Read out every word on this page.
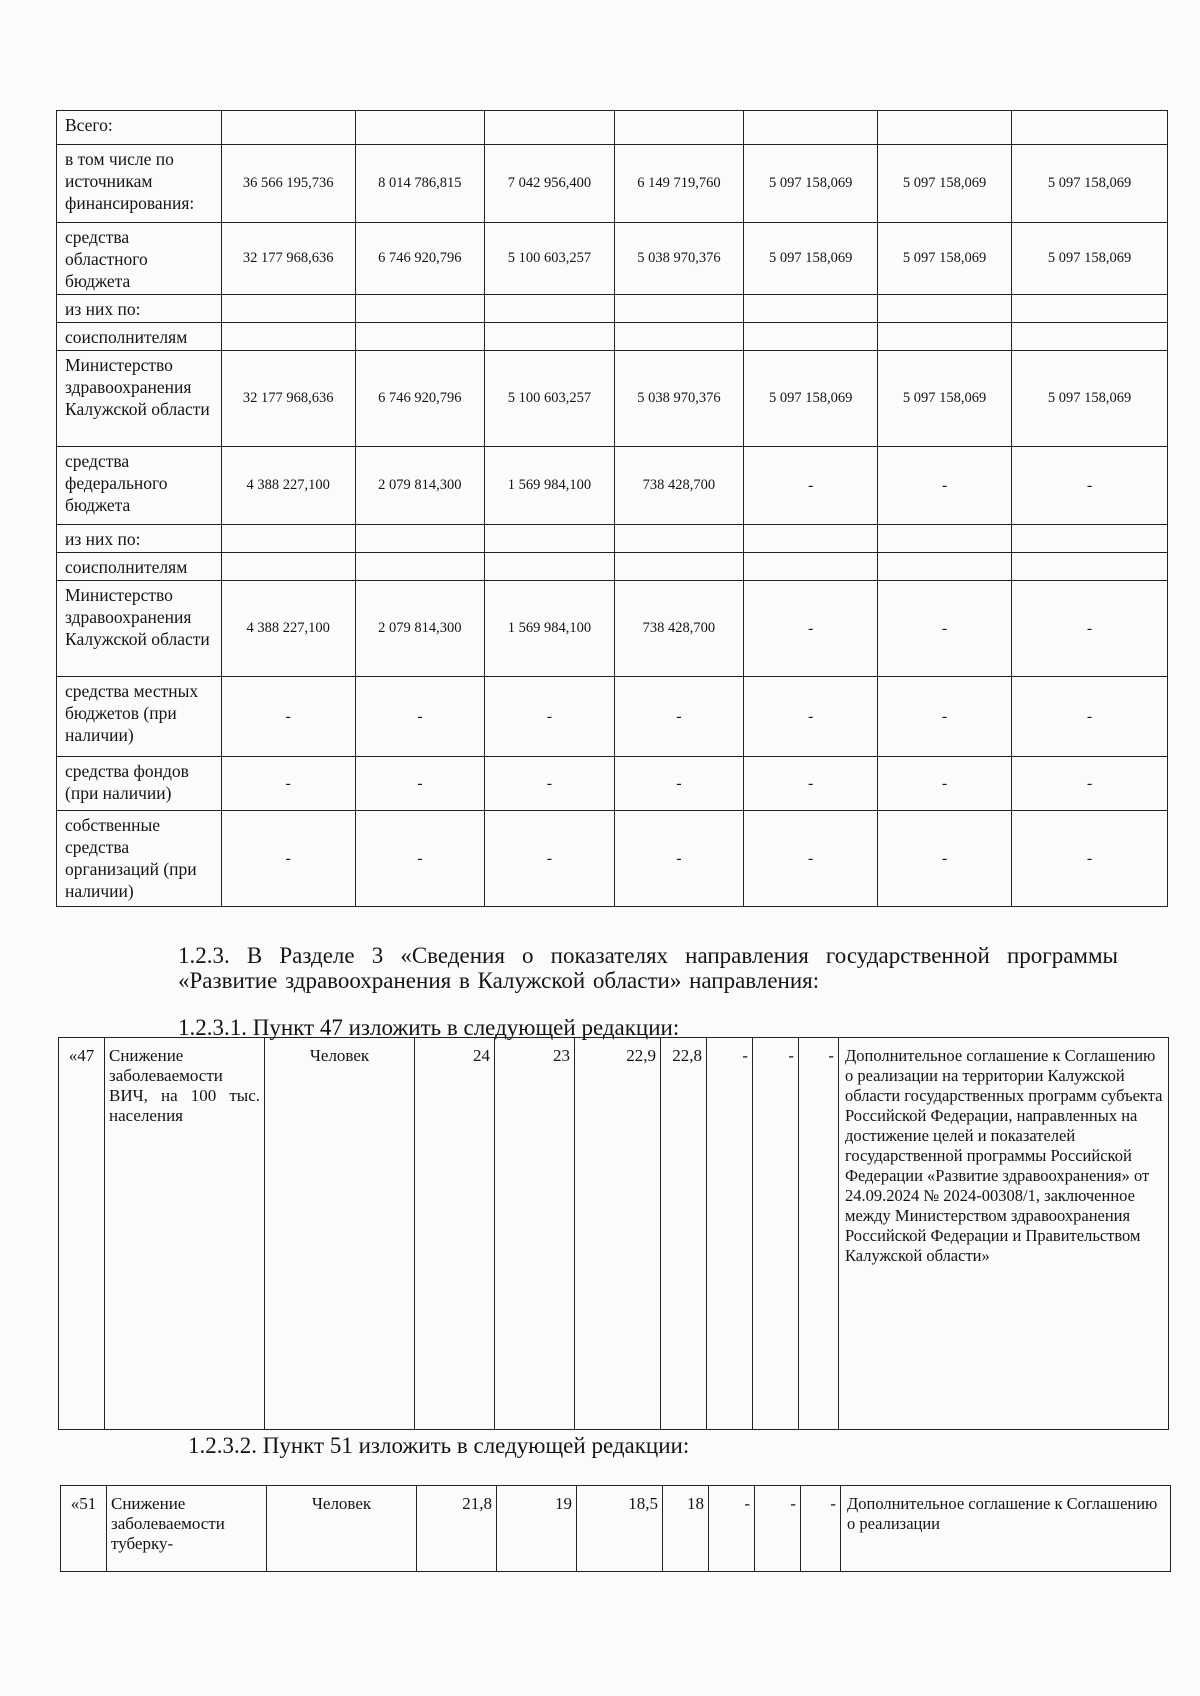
Всего:							
в том числе по источникам финансирования:	36 566 195,736	8 014 786,815	7 042 956,400	6 149 719,760	5 097 158,069	5 097 158,069	5 097 158,069
средства областного бюджета	32 177 968,636	6 746 920,796	5 100 603,257	5 038 970,376	5 097 158,069	5 097 158,069	5 097 158,069
из них по:							
соисполнителям							
Министерство здравоохранения Калужской области	32 177 968,636	6 746 920,796	5 100 603,257	5 038 970,376	5 097 158,069	5 097 158,069	5 097 158,069
средства федерального бюджета	4 388 227,100	2 079 814,300	1 569 984,100	738 428,700	-	-	-
из них по:							
соисполнителям							
Министерство здравоохранения Калужской области	4 388 227,100	2 079 814,300	1 569 984,100	738 428,700	-	-	-
средства местных бюджетов (при наличии)	-	-	-	-	-	-	-
средства фондов (при наличии)	-	-	-	-	-	-	-
собственные средства организаций (при наличии)	-	-	-	-	-	-	-

1.2.3. В Разделе 3 «Сведения о показателях направления государственной программы «Развитие здравоохранения в Калужской области» направления:

1.2.3.1. Пункт 47 изложить в следующей редакции:

«47	Снижение заболеваемости ВИЧ, на 100 тыс. населения	Человек	24	23	22,9	22,8	-	-	-	Дополнительное соглашение к Соглашению о реализации на территории Калужской области государственных программ субъекта Российской Федерации, направленных на достижение целей и показателей государственной программы Российской Федерации «Развитие здравоохранения» от 24.09.2024 № 2024-00308/1, заключенное между Министерством здравоохранения Российской Федерации и Правительством Калужской области»

1.2.3.2. Пункт 51 изложить в следующей редакции:

«51	Снижение заболеваемости туберку-	Человек	21,8	19	18,5	18	-	-	-	Дополнительное соглашение к Соглашению о реализации
